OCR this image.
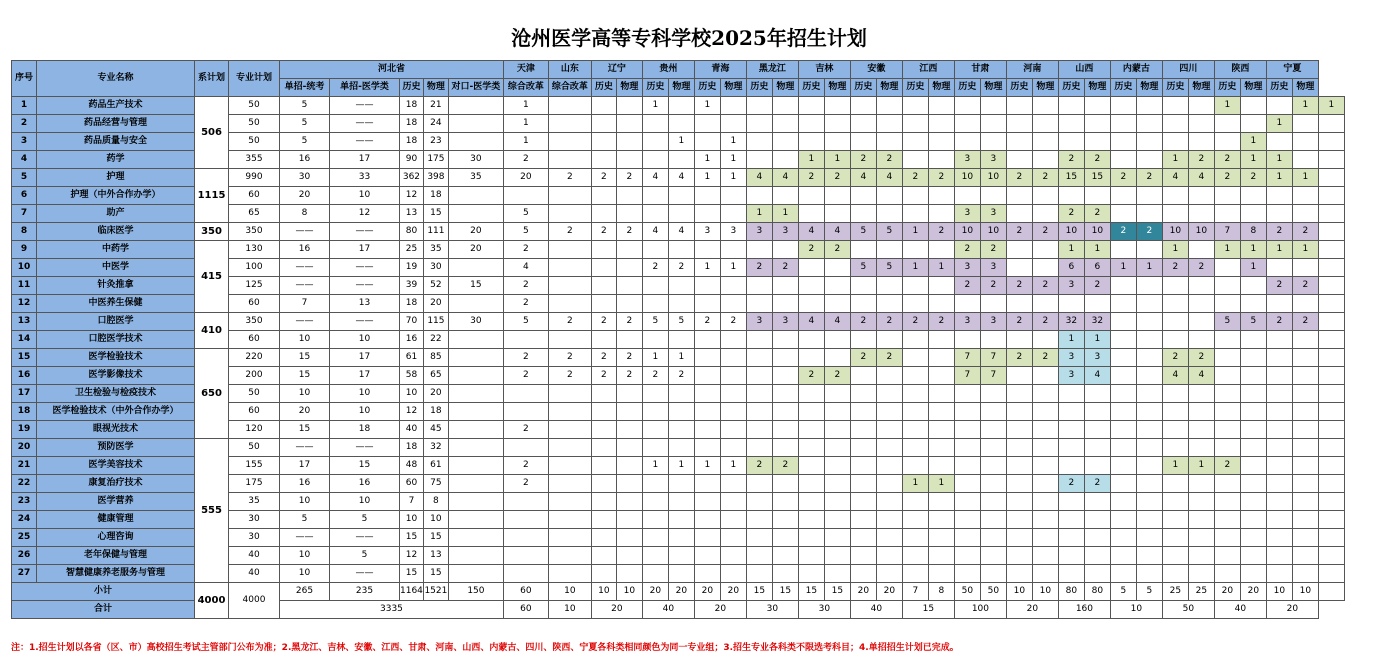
沧州医学高等专科学校2025年招生计划
序号	专业名称	系计划	专业计划	河北省					天津	山东	辽宁		贵州		青海		黑龙江		吉林		安徽		江西		甘肃		河南		山西		内蒙古		四川		陕西		宁夏		
				单招-统考	单招-医学类	历史	物理	对口-医学类	综合改革	综合改革	历史	物理	历史	物理	历史	物理	历史	物理	历史	物理	历史	物理	历史	物理	历史	物理	历史	物理	历史	物理	历史	物理	历史	物理	历史	物理	历史	物理	
1	药品生产技术	506	50	5	——	18	21		1				1		1																				1			1	1
2	药品经营与管理		50	5	——	18	24		1																												1		
3	药品质量与安全		50	5	——	18	23		1					1		1																				1			
4	药学		355	16	17	90	175	30	2						1	1			1	1	2	2			3	3			2	2			1	2	2	1	1		
5	护理	1115	990	30	33	362	398	35	20	2	2	2	4	4	1	1	4	4	2	2	4	4	2	2	10	10	2	2	15	15	2	2	4	4	2	2	1	1	
6	护理（中外合作办学）		60	20	10	12	18																																
7	助产		65	8	12	13	15		5								1	1							3	3			2	2									
8	临床医学	350	350	——	——	80	111	20	5	2	2	2	4	4	3	3	3	3	4	4	5	5	1	2	10	10	2	2	10	10	2	2	10	10	7	8	2	2	
9	中药学	415	130	16	17	25	35	20	2										2	2					2	2			1	1			1		1	1	1	1	
10	中医学		100	——	——	19	30		4				2	2	1	1	2	2			5	5	1	1	3	3			6	6	1	1	2	2		1			
11	针灸推拿		125	——	——	39	52	15	2																2	2	2	2	3	2							2	2	
12	中医养生保健		60	7	13	18	20		2																														
13	口腔医学	410	350	——	——	70	115	30	5	2	2	2	5	5	2	2	3	3	4	4	2	2	2	2	3	3	2	2	32	32					5	5	2	2	
14	口腔医学技术		60	10	10	16	22																						1	1									
15	医学检验技术	650	220	15	17	61	85		2	2	2	2	1	1							2	2			7	7	2	2	3	3			2	2					
16	医学影像技术		200	15	17	58	65		2	2	2	2	2	2					2	2					7	7			3	4			4	4					
17	卫生检验与检疫技术		50	10	10	10	20																																
18	医学检验技术（中外合作办学）		60	20	10	12	18																																
19	眼视光技术		120	15	18	40	45		2																														
20	预防医学	555	50	——	——	18	32																																
21	医学美容技术		155	17	15	48	61		2				1	1	1	1	2	2															1	1	2				
22	康复治疗技术		175	16	16	60	75		2														1	1					2	2									
23	医学营养		35	10	10	7	8																																
24	健康管理		30	5	5	10	10																																
25	心理咨询		30	——	——	15	15																																
26	老年保健与管理		40	10	5	12	13																																
27	智慧健康养老服务与管理		40	10	——	15	15																																
小计		4000	4000	265	235	1164	1521	150	60	10	10	10	20	20	20	20	15	15	15	15	20	20	7	8	50	50	10	10	80	80	5	5	25	25	20	20	10	10	
合计				3335					60	10	20		40		20		30		30		40		15		100		20		160		10		50		40		20		
注：1.招生计划以各省（区、市）高校招生考试主管部门公布为准；2.黑龙江、吉林、安徽、江西、甘肃、河南、山西、内蒙古、四川、陕西、宁夏各科类相同颜色为同一专业组；3.招生专业各科类不限选考科目；4.单招招生计划已完成。
